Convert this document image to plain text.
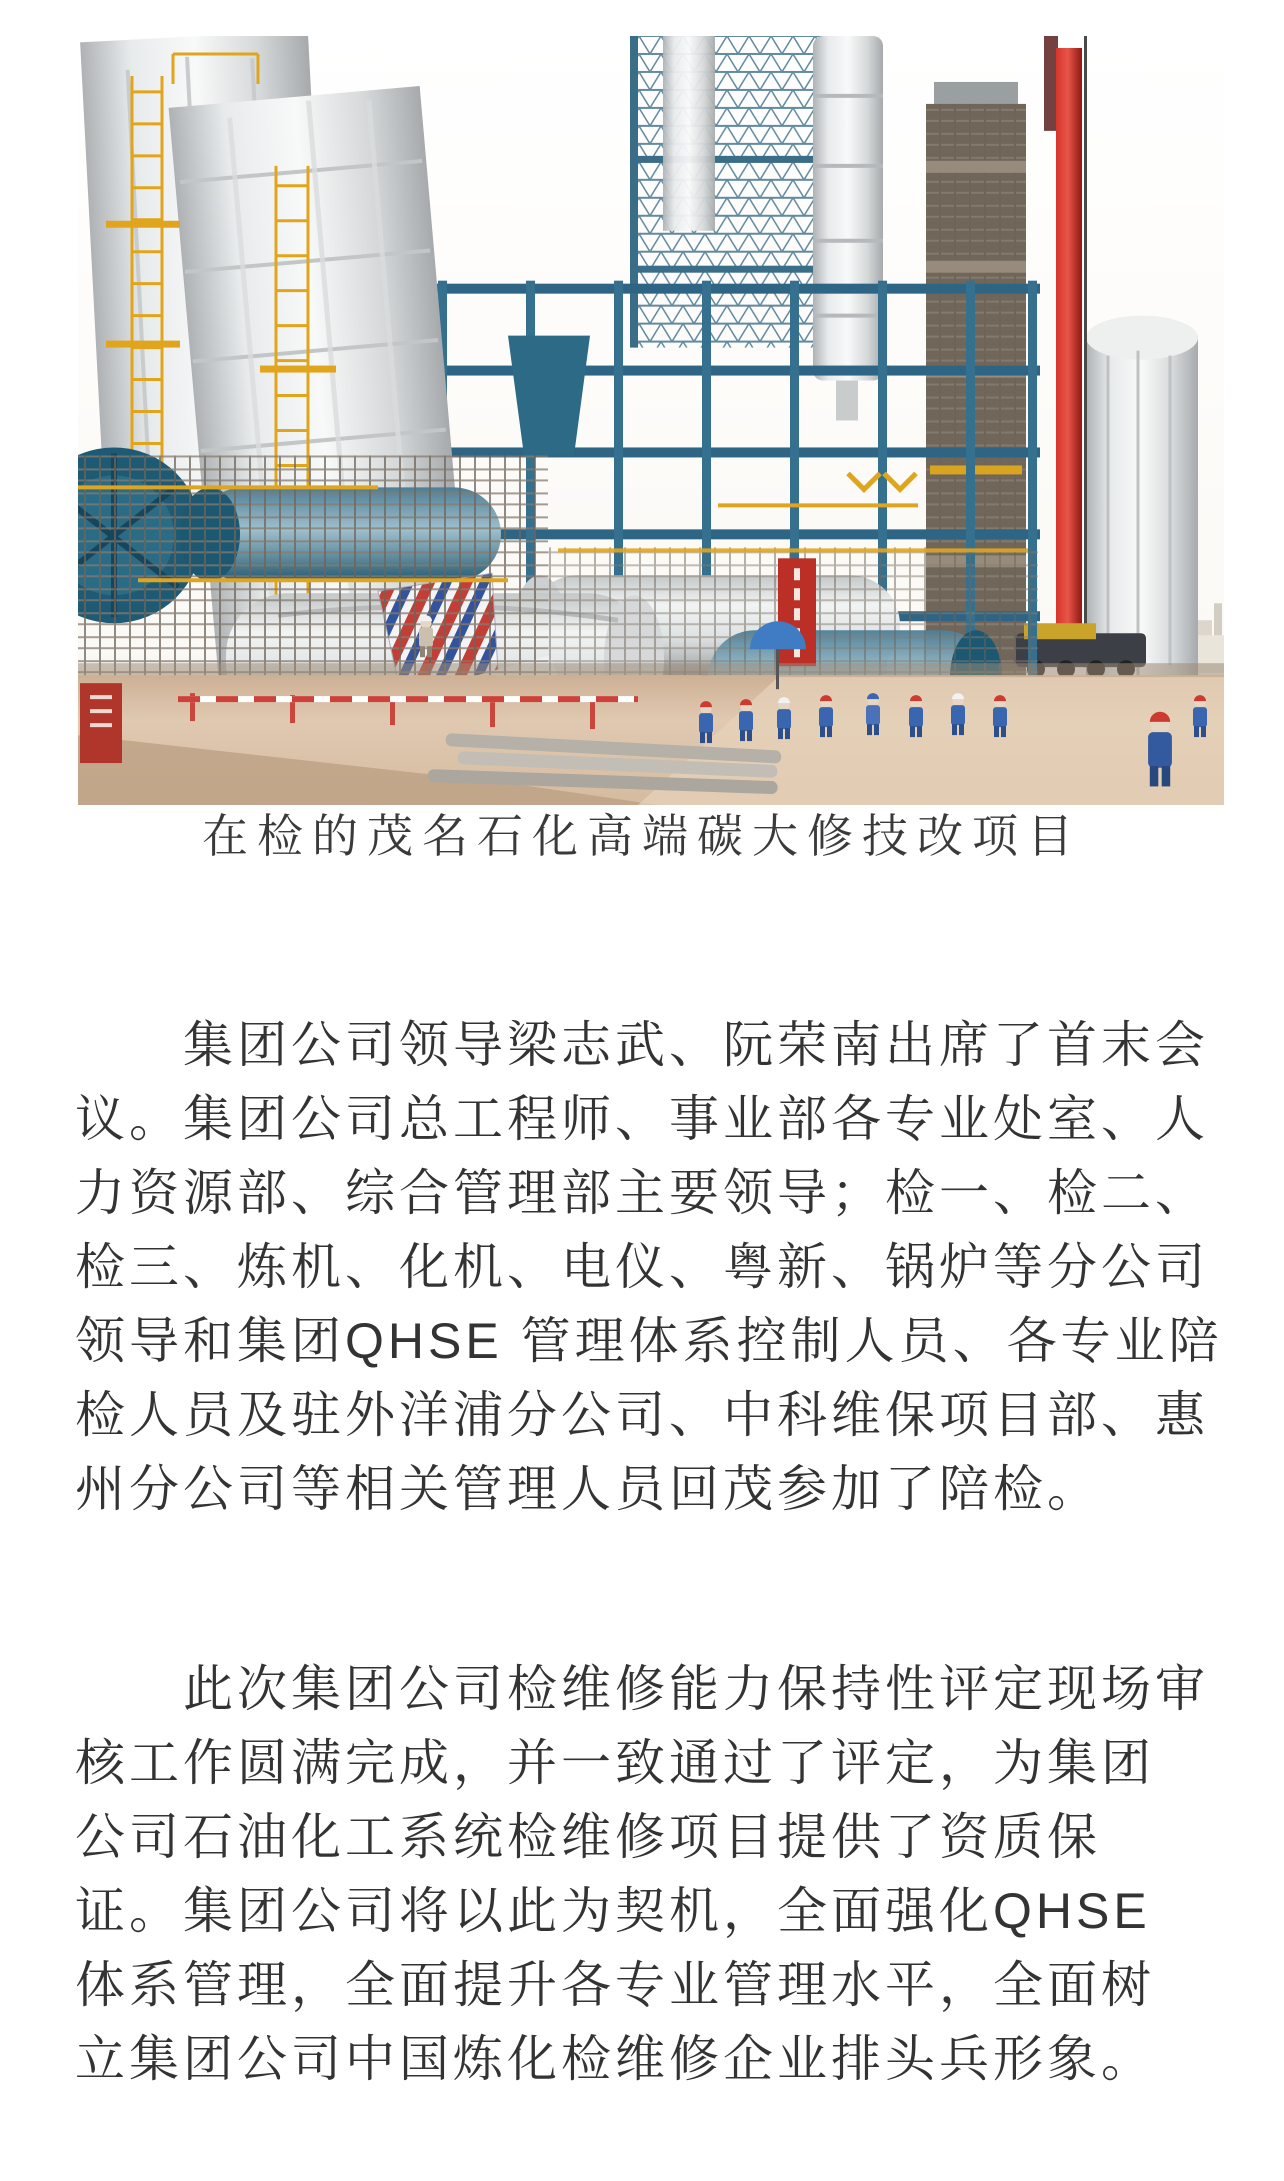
在检的茂名石化高端碳大修技改项目
集团公司领导梁志武、阮荣南出席了首末会
议。集团公司总工程师、事业部各专业处室、人
力资源部、综合管理部主要领导；检一、检二、
检三、炼机、化机、电仪、粤新、锅炉等分公司
领导和集团QHSE 管理体系控制人员、各专业陪
检人员及驻外洋浦分公司、中科维保项目部、惠
州分公司等相关管理人员回茂参加了陪检。
此次集团公司检维修能力保持性评定现场审
核工作圆满完成，并一致通过了评定，为集团
公司石油化工系统检维修项目提供了资质保
证。集团公司将以此为契机，全面强化QHSE
体系管理，全面提升各专业管理水平，全面树
立集团公司中国炼化检维修企业排头兵形象。
